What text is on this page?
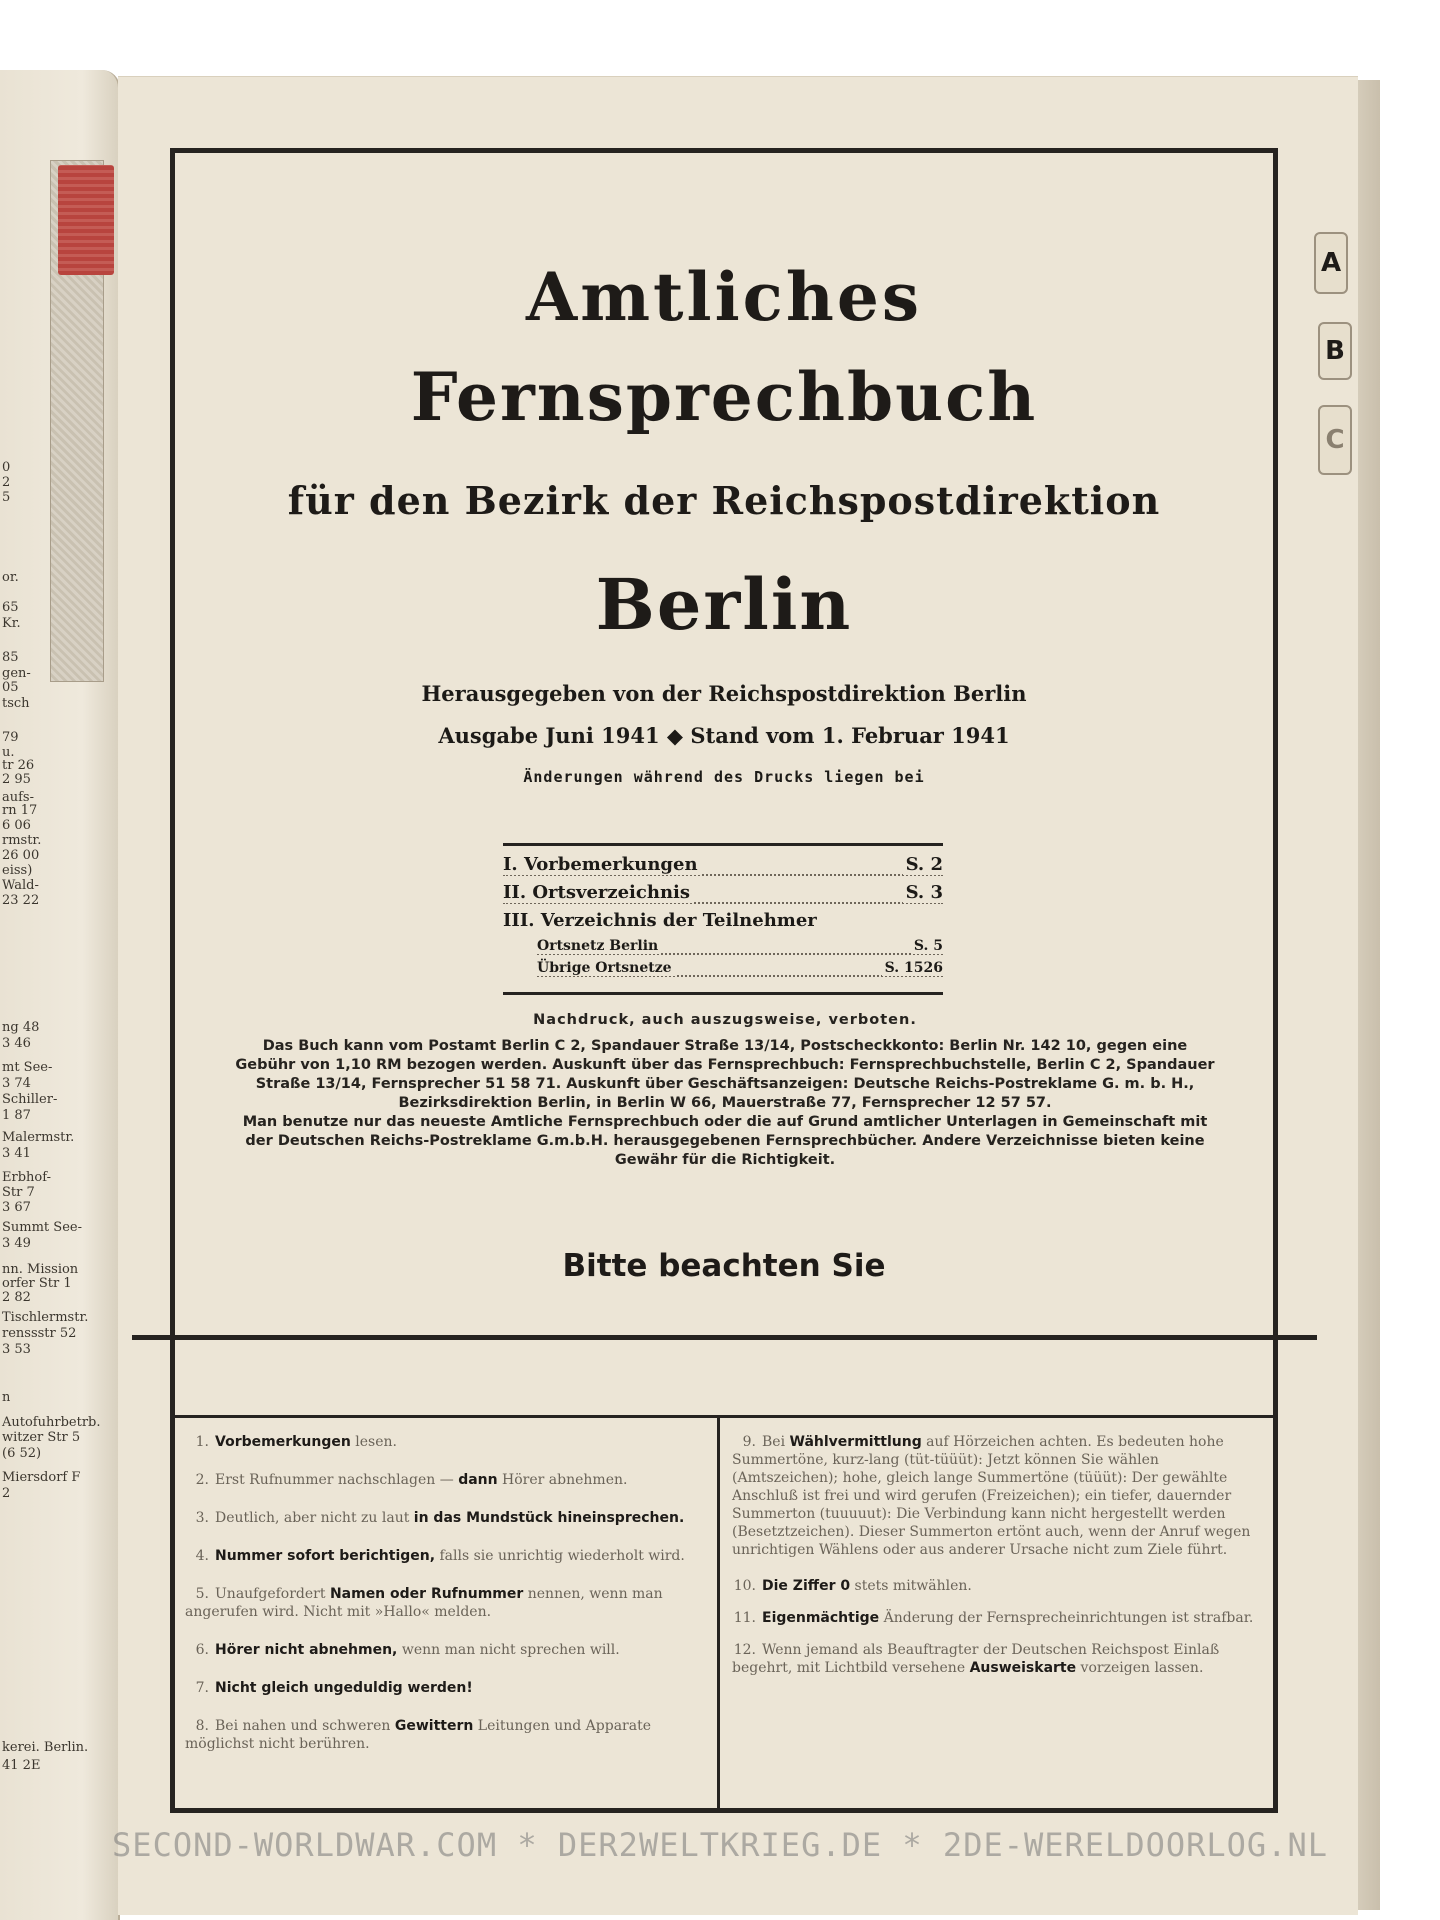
0
2
5
or.
65
Kr.
85
gen-
05
tsch
79
u.
tr 26
2 95
aufs-
rn 17
6 06
rmstr.
26 00
eiss)
Wald-
23 22
ng 48
3 46
mt See-
3 74
Schiller-
1 87
Malermstr.
3 41
Erbhof-
Str 7
3 67
Summt See-
3 49
nn. Mission
orfer Str 1
2 82
Tischlermstr.
renssstr 52
3 53
n
Autofuhrbetrb.
witzer Str 5
(6 52)
Miersdorf F
2
kerei. Berlin.
41 2E
A
B
C
Amtliches
Fernsprechbuch
für den Bezirk der Reichspostdirektion
Berlin
Herausgegeben von der Reichspostdirektion Berlin
Ausgabe Juni 1941 ◆ Stand vom 1. Februar 1941
Änderungen während des Drucks liegen bei
I. Vorbemerkungen	S. 2
II. Ortsverzeichnis	S. 3
III. Verzeichnis der Teilnehmer
Ortsnetz Berlin	S. 5
Übrige Ortsnetze	S. 1526
Nachdruck, auch auszugsweise, verboten.
Das Buch kann vom Postamt Berlin C 2, Spandauer Straße 13/14, Postscheckkonto: Berlin Nr. 142 10, gegen eine Gebühr von 1,10 RM bezogen werden. Auskunft über das Fernsprechbuch: Fernsprechbuchstelle, Berlin C 2, Spandauer Straße 13/14, Fernsprecher 51 58 71. Auskunft über Geschäftsanzeigen: Deutsche Reichs-Postreklame G. m. b. H., Bezirksdirektion Berlin, in Berlin W 66, Mauerstraße 77, Fernsprecher 12 57 57.
Man benutze nur das neueste Amtliche Fernsprechbuch oder die auf Grund amtlicher Unterlagen in Gemeinschaft mit der Deutschen Reichs-Postreklame G.m.b.H. herausgegebenen Fernsprechbücher. Andere Verzeichnisse bieten keine Gewähr für die Richtigkeit.
Bitte beachten Sie
1. Vorbemerkungen lesen.
2. Erst Rufnummer nachschlagen — dann Hörer abnehmen.
3. Deutlich, aber nicht zu laut in das Mundstück hineinsprechen.
4. Nummer sofort berichtigen, falls sie unrichtig wiederholt wird.
5. Unaufgefordert Namen oder Rufnummer nennen, wenn man angerufen wird. Nicht mit »Hallo« melden.
6. Hörer nicht abnehmen, wenn man nicht sprechen will.
7. Nicht gleich ungeduldig werden!
8. Bei nahen und schweren Gewittern Leitungen und Apparate möglichst nicht berühren.
9. Bei Wählvermittlung auf Hörzeichen achten. Es bedeuten hohe Summertöne, kurz-lang (tüt-tüüüt): Jetzt können Sie wählen (Amtszeichen); hohe, gleich lange Summertöne (tüüüt): Der gewählte Anschluß ist frei und wird gerufen (Freizeichen); ein tiefer, dauernder Summerton (tuuuuut): Die Verbindung kann nicht hergestellt werden (Besetztzeichen). Dieser Summerton ertönt auch, wenn der Anruf wegen unrichtigen Wählens oder aus anderer Ursache nicht zum Ziele führt.
10. Die Ziffer 0 stets mitwählen.
11. Eigenmächtige Änderung der Fernsprecheinrichtungen ist strafbar.
12. Wenn jemand als Beauftragter der Deutschen Reichspost Einlaß begehrt, mit Lichtbild versehene Ausweiskarte vorzeigen lassen.
SECOND-WORLDWAR.COM * DER2WELTKRIEG.DE * 2DE-WERELDOORLOG.NL
